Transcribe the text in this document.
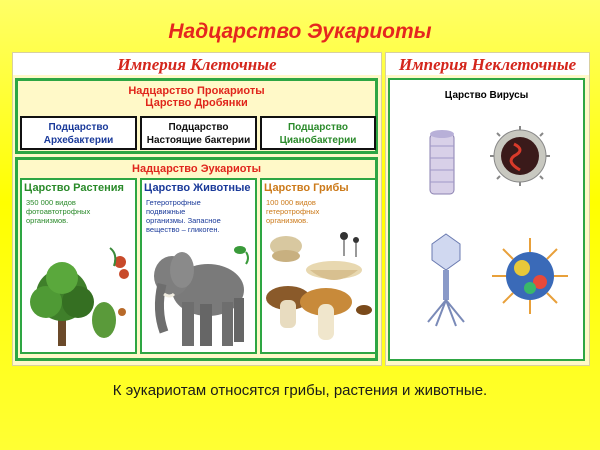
Надцарство Эукариоты
Империя Клеточные
Надцарство Прокариоты
Царство Дробянки
Подцарство
Архебактерии
Подцарство
Настоящие бактерии
Подцарство
Цианобактерии
Надцарство Эукариоты
Царство Растения
350 000 видов
фотоавтотрофных
организмов.
Царство Животные
Гетеротрофные
подвижные
организмы. Запасное
вещество – гликоген.
Царство Грибы
100 000 видов
гетеротрофных
организмов.
Империя Неклеточные
Царство Вирусы
К эукариотам относятся грибы, растения и животные.
